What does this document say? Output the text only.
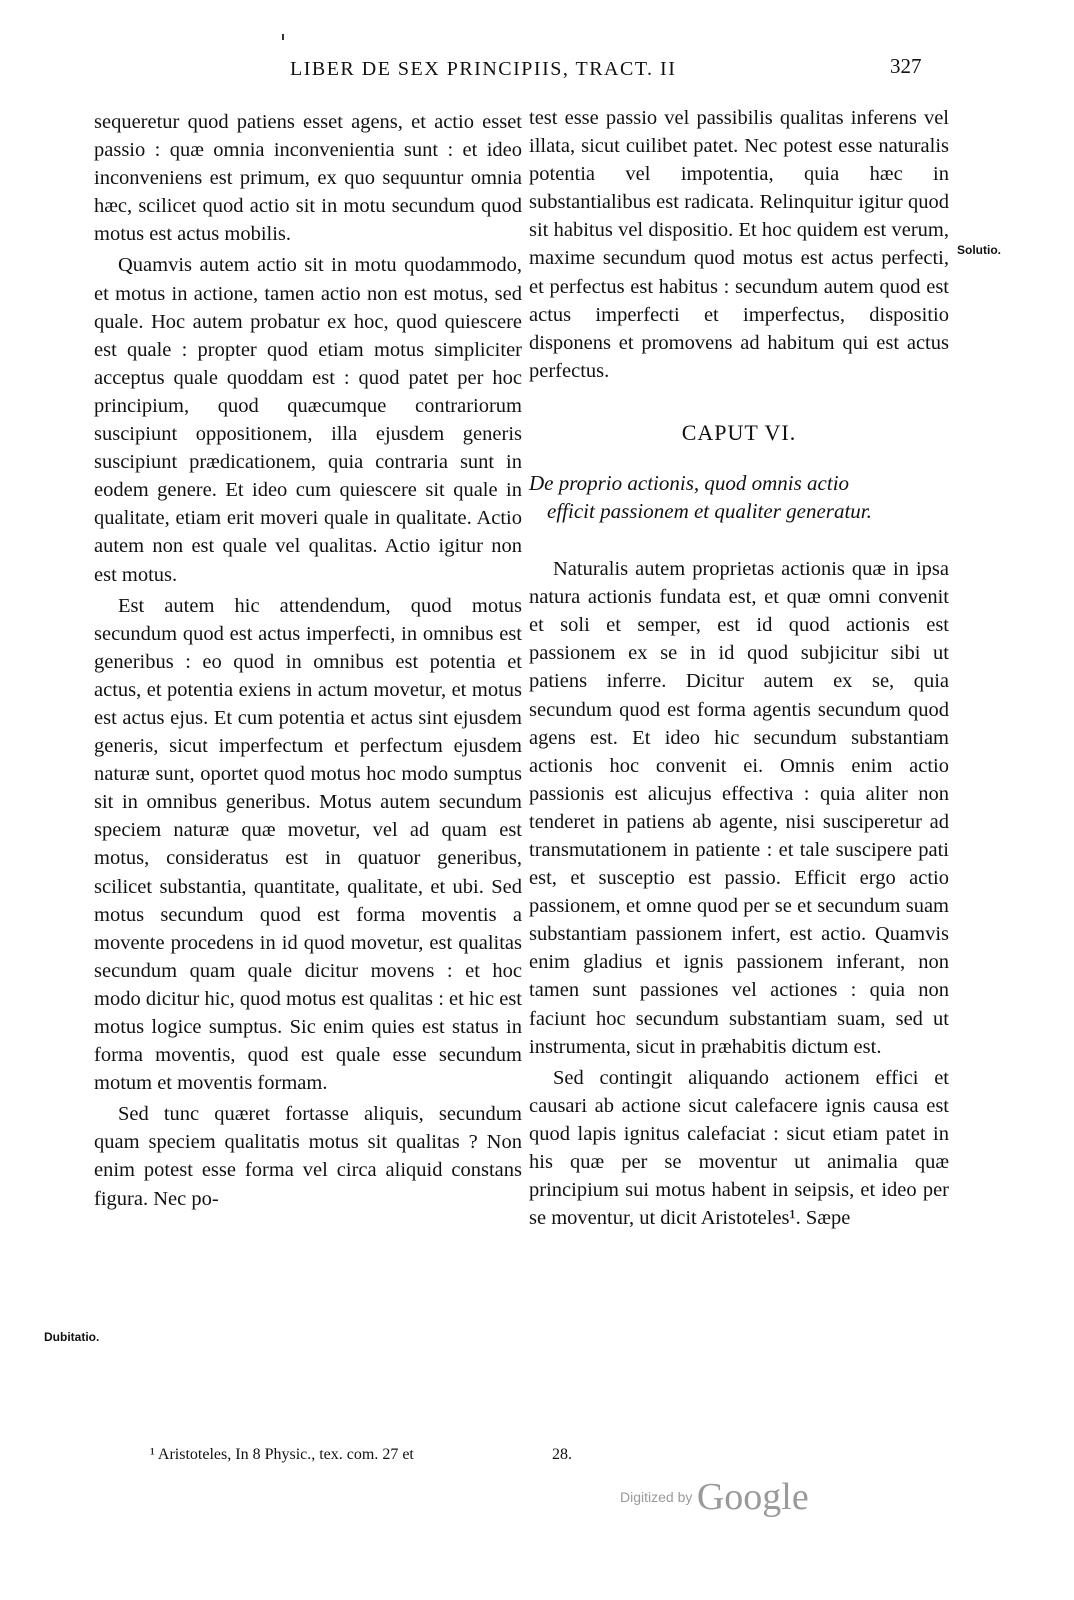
LIBER DE SEX PRINCIPIIS, TRACT. II	327

sequeretur quod patiens esset agens, et actio esset passio : quæ omnia inconvenientia sunt : et ideo inconveniens est primum, ex quo sequuntur omnia hæc, scilicet quod actio sit in motu secundum quod motus est actus mobilis.

Quamvis autem actio sit in motu quodammodo, et motus in actione, tamen actio non est motus, sed quale. Hoc autem probatur ex hoc, quod quiescere est quale : propter quod etiam motus simpliciter acceptus quale quoddam est : quod patet per hoc principium, quod quæcumque contrariorum suscipiunt oppositionem, illa ejusdem generis suscipiunt prædicationem, quia contraria sunt in eodem genere. Et ideo cum quiescere sit quale in qualitate, etiam erit moveri quale in qualitate. Actio autem non est quale vel qualitas. Actio igitur non est motus.

Est autem hic attendendum, quod motus secundum quod est actus imperfecti, in omnibus est generibus : eo quod in omnibus est potentia et actus, et potentia exiens in actum movetur, et motus est actus ejus. Et cum potentia et actus sint ejusdem generis, sicut imperfectum et perfectum ejusdem naturæ sunt, oportet quod motus hoc modo sumptus sit in omnibus generibus. Motus autem secundum speciem naturæ quæ movetur, vel ad quam est motus, consideratus est in quatuor generibus, scilicet substantia, quantitate, qualitate, et ubi. Sed motus secundum quod est forma moventis a movente procedens in id quod movetur, est qualitas secundum quam quale dicitur movens : et hoc modo dicitur hic, quod motus est qualitas : et hic est motus logice sumptus. Sic enim quies est status in forma moventis, quod est quale esse secundum motum et moventis formam.

Sed tunc quæret fortasse aliquis, secundum quam speciem qualitatis motus sit qualitas ? Non enim potest esse forma vel circa aliquid constans figura. Nec po-

test esse passio vel passibilis qualitas inferens vel illata, sicut cuilibet patet. Nec potest esse naturalis potentia vel impotentia, quia hæc in substantialibus est radicata. Relinquitur igitur quod sit habitus vel dispositio. Et hoc quidem est verum, maxime secundum quod motus est actus perfecti, et perfectus est habitus : secundum autem quod est actus imperfecti et imperfectus, dispositio disponens et promovens ad habitum qui est actus perfectus.

CAPUT VI.
De proprio actionis, quod omnis actio
efficit passionem et qualiter generatur.

Naturalis autem proprietas actionis quæ in ipsa natura actionis fundata est, et quæ omni convenit et soli et semper, est id quod actionis est passionem ex se in id quod subjicitur sibi ut patiens inferre. Dicitur autem ex se, quia secundum quod est forma agentis secundum quod agens est. Et ideo hic secundum substantiam actionis hoc convenit ei. Omnis enim actio passionis est alicujus effectiva : quia aliter non tenderet in patiens ab agente, nisi susciperetur ad transmutationem in patiente : et tale suscipere pati est, et susceptio est passio. Efficit ergo actio passionem, et omne quod per se et secundum suam substantiam passionem infert, est actio. Quamvis enim gladius et ignis passionem inferant, non tamen sunt passiones vel actiones : quia non faciunt hoc secundum substantiam suam, sed ut instrumenta, sicut in præhabitis dictum est.

Sed contingit aliquando actionem effici et causari ab actione sicut calefacere ignis causa est quod lapis ignitus calefaciat : sicut etiam patet in his quæ per se moventur ut animalia quæ principium sui motus habent in seipsis, et ideo per se moventur, ut dicit Aristoteles¹. Sæpe

Solutio.
Dubitatio.
¹ Aristoteles, In 8 Physic., tex. com. 27 et	28.
Digitized by Google
